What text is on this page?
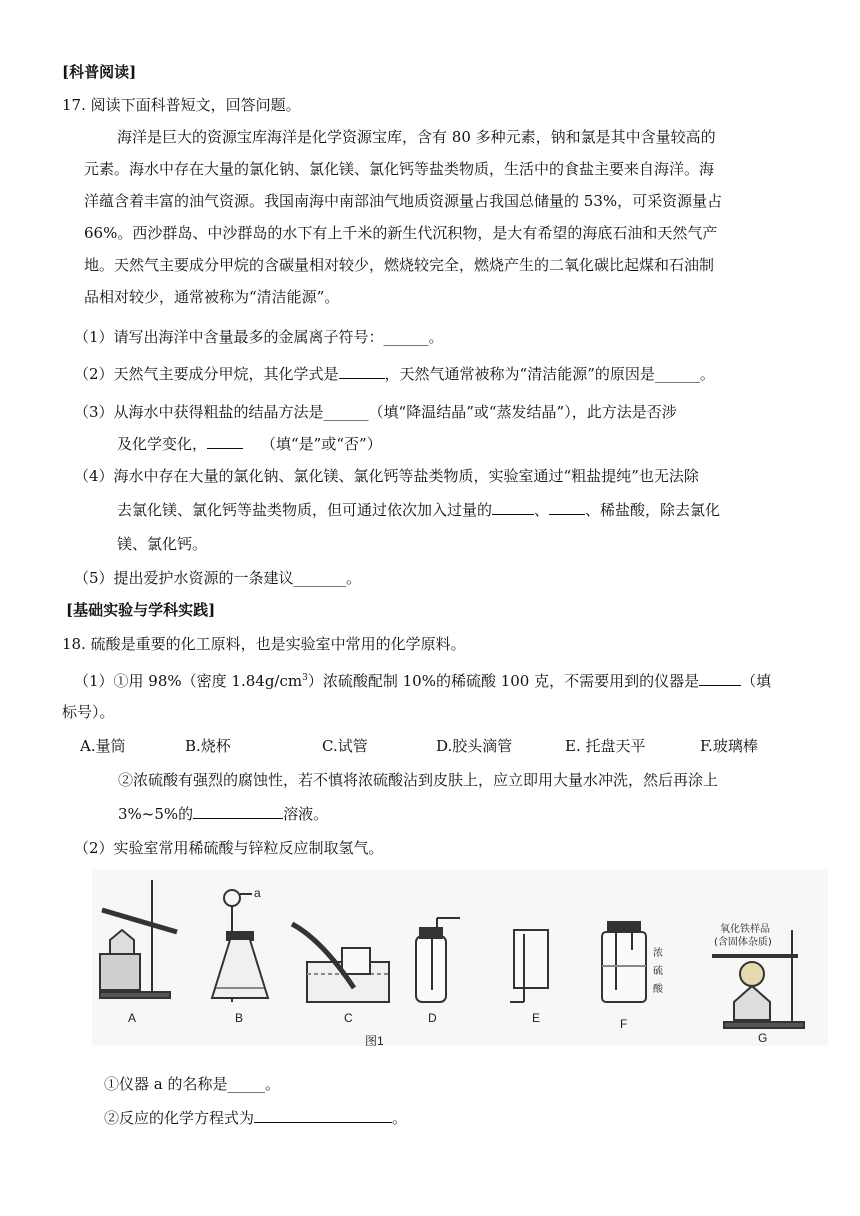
[科普阅读]
17. 阅读下面科普短文，回答问题。
海洋是巨大的资源宝库海洋是化学资源宝库，含有 80 多种元素，钠和氯是其中含量较高的
元素。海水中存在大量的氯化钠、氯化镁、氯化钙等盐类物质，生活中的食盐主要来自海洋。海
洋蕴含着丰富的油气资源。我国南海中南部油气地质资源量占我国总储量的 53%，可采资源量占
66%。西沙群岛、中沙群岛的水下有上千米的新生代沉积物，是大有希望的海底石油和天然气产
地。天然气主要成分甲烷的含碳量相对较少，燃烧较完全，燃烧产生的二氧化碳比起煤和石油制
品相对较少，通常被称为“清洁能源”。
（1）请写出海洋中含量最多的金属离子符号：______。
（2）天然气主要成分甲烷，其化学式是	，天然气通常被称为“清洁能源”的原因是______。
（3）从海水中获得粗盐的结晶方法是______（填“降温结晶”或“蒸发结晶”），此方法是否涉
及化学变化，	（填“是”或“否”）
（4）海水中存在大量的氯化钠、氯化镁、氯化钙等盐类物质，实验室通过“粗盐提纯”也无法除
去氯化镁、氯化钙等盐类物质，但可通过依次加入过量的	、 、稀盐酸，除去氯化
镁、氯化钙。
（5）提出爱护水资源的一条建议_______。
[基础实验与学科实践]
18. 硫酸是重要的化工原料，也是实验室中常用的化学原料。
（1）①用 98%（密度 $1.84g/cm^3$）浓硫酸配制 10%的稀硫酸 100 克，不需要用到的仪器是	（填
标号）。
A.量筒	B.烧杯	C.试管	D.胶头滴管	E. 托盘天平	F.玻璃棒
②浓硫酸有强烈的腐蚀性，若不慎将浓硫酸沾到皮肤上，应立即用大量水冲洗，然后再涂上
3%~5%的	溶液。
（2）实验室常用稀硫酸与锌粒反应制取氢气。
a
浓
硫
酸
氧化铁样品
(含固体杂质)
A	B	C	D	E	F
G
图1
①仪器 a 的名称是_____。
②反应的化学方程式为	。
